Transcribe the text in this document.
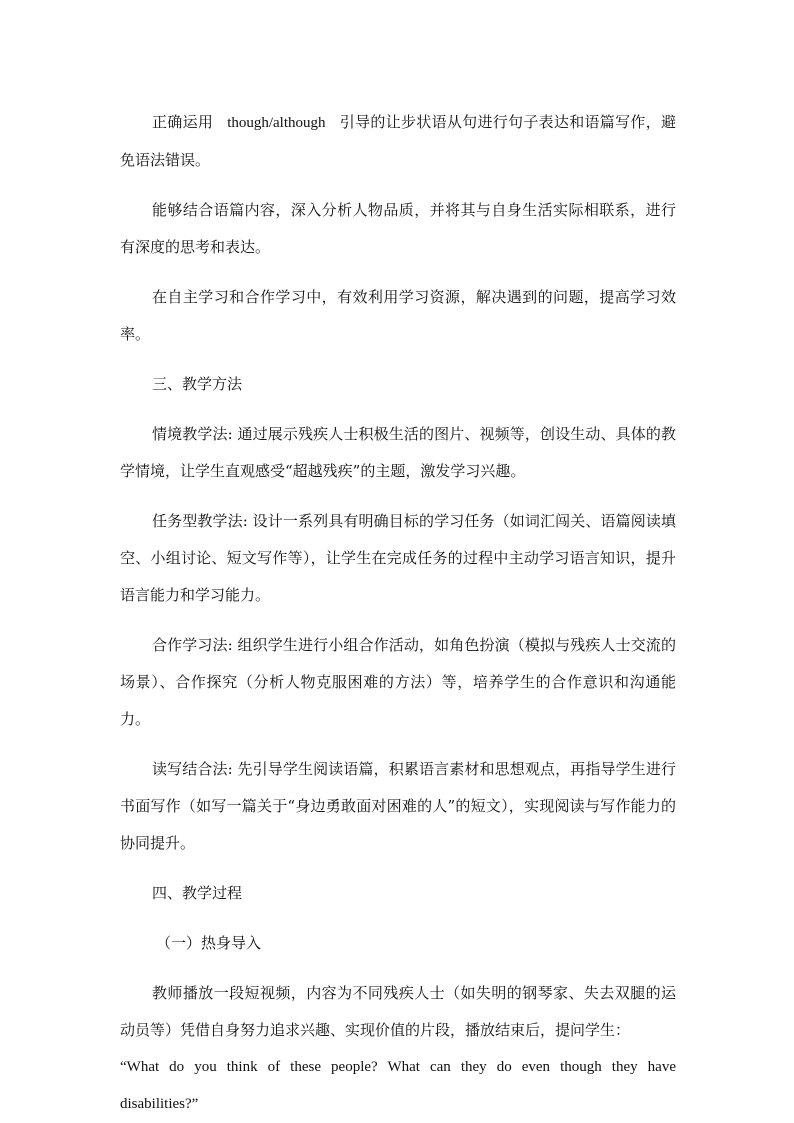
正确运用 though/although 引导的让步状语从句进行句子表达和语篇写作，避免语法错误。

能够结合语篇内容，深入分析人物品质，并将其与自身生活实际相联系，进行有深度的思考和表达。

在自主学习和合作学习中，有效利用学习资源，解决遇到的问题，提高学习效率。

三、教学方法

情境教学法: 通过展示残疾人士积极生活的图片、视频等，创设生动、具体的教学情境，让学生直观感受“超越残疾”的主题，激发学习兴趣。

任务型教学法: 设计一系列具有明确目标的学习任务（如词汇闯关、语篇阅读填空、小组讨论、短文写作等），让学生在完成任务的过程中主动学习语言知识，提升语言能力和学习能力。

合作学习法: 组织学生进行小组合作活动，如角色扮演（模拟与残疾人士交流的场景）、合作探究（分析人物克服困难的方法）等，培养学生的合作意识和沟通能力。

读写结合法: 先引导学生阅读语篇，积累语言素材和思想观点，再指导学生进行书面写作（如写一篇关于“身边勇敢面对困难的人”的短文），实现阅读与写作能力的协同提升。

四、教学过程

（一）热身导入

教师播放一段短视频，内容为不同残疾人士（如失明的钢琴家、失去双腿的运动员等）凭借自身努力追求兴趣、实现价值的片段，播放结束后，提问学生：

“What do you think of these people? What can they do even though they have disabilities?”
